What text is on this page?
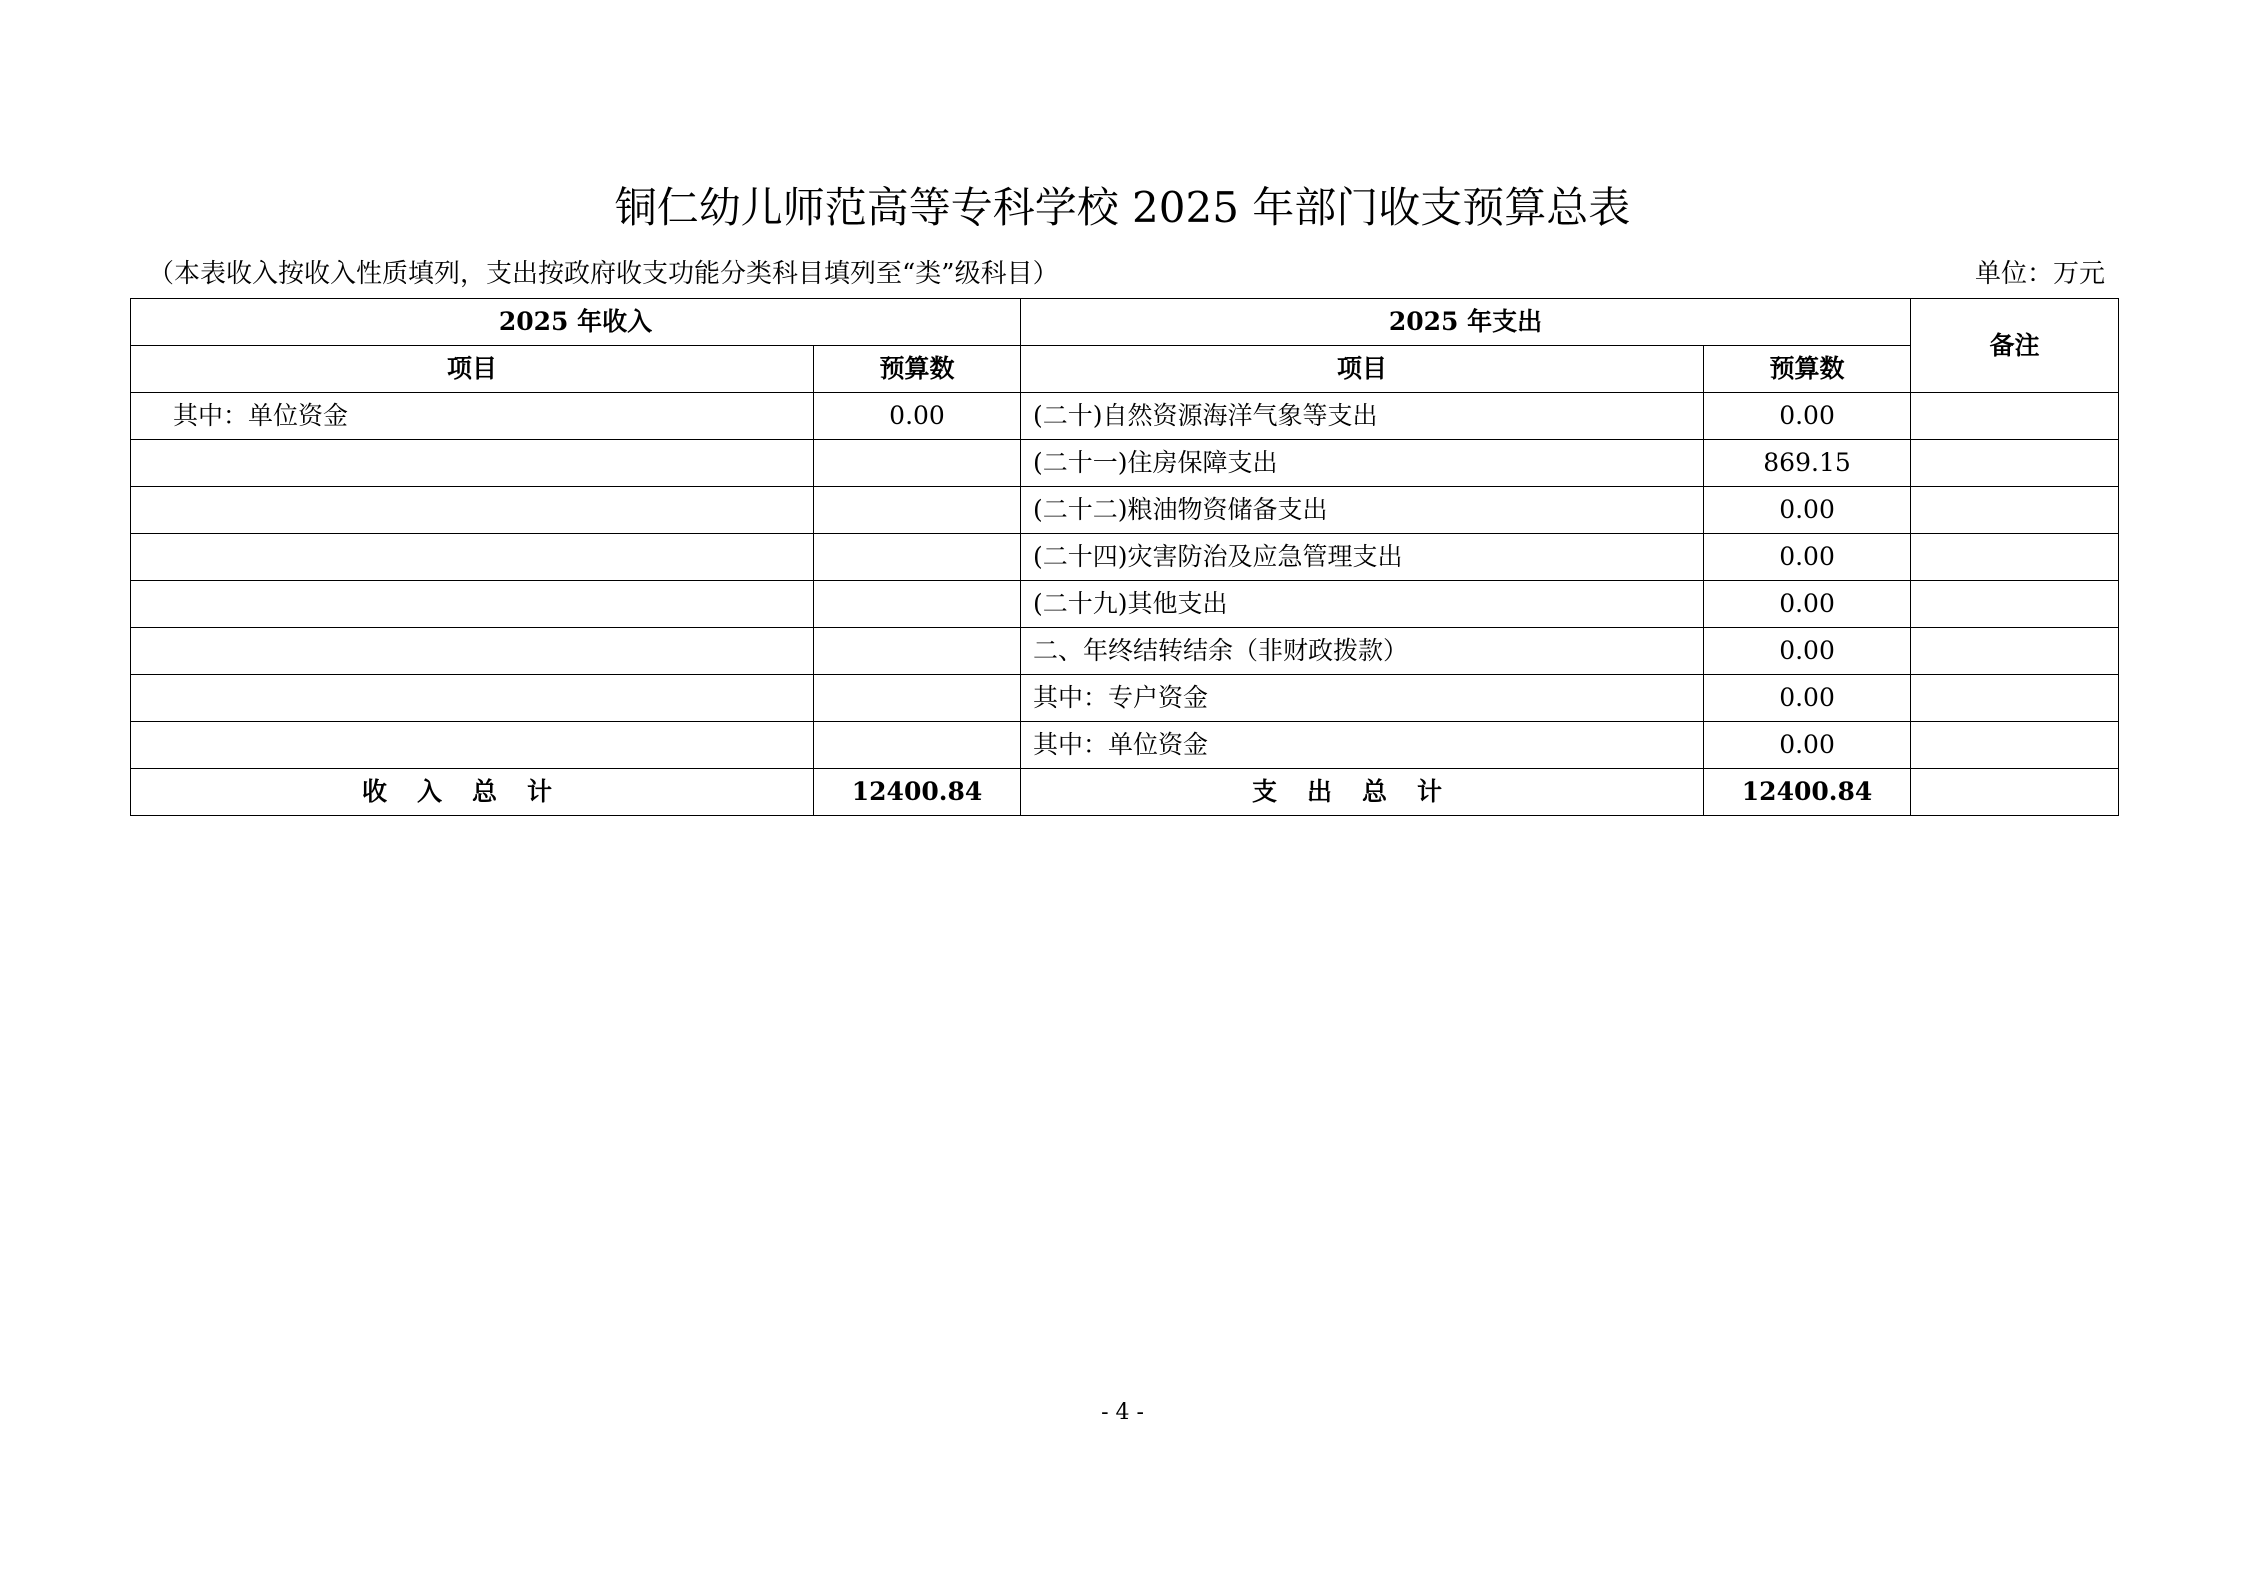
铜仁幼儿师范高等专科学校 2025 年部门收支预算总表
（本表收入按收入性质填列，支出按政府收支功能分类科目填列至“类”级科目）	单位：万元
2025 年收入		2025 年支出		备注
项目	预算数	项目	预算数	
其中：单位资金	0.00	(二十)自然资源海洋气象等支出	0.00	
		(二十一)住房保障支出	869.15	
		(二十二)粮油物资储备支出	0.00	
		(二十四)灾害防治及应急管理支出	0.00	
		(二十九)其他支出	0.00	
		二、年终结转结余（非财政拨款）	0.00	
		其中：专户资金	0.00	
		其中：单位资金	0.00	
收入总计	12400.84	支出总计	12400.84	
- 4 -
